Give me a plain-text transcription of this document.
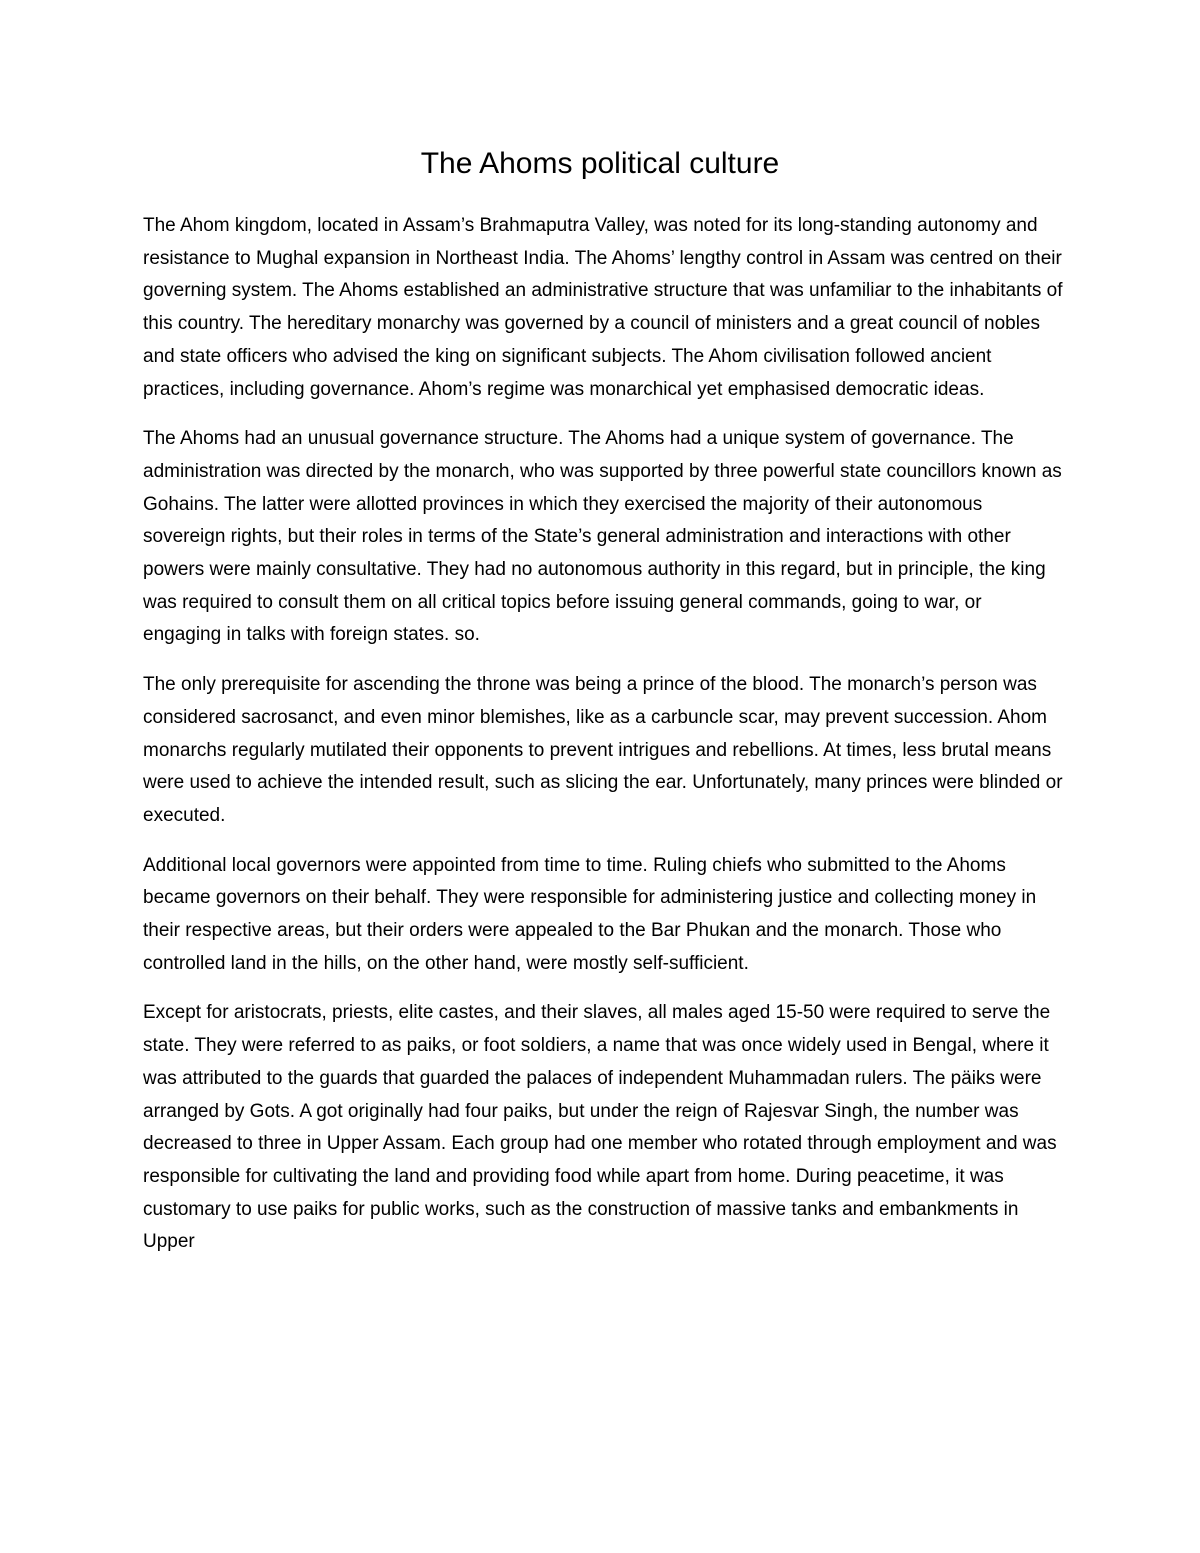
The Ahoms political culture

The Ahom kingdom, located in Assam’s Brahmaputra Valley, was noted for its long-standing autonomy and resistance to Mughal expansion in Northeast India. The Ahoms’ lengthy control in Assam was centred on their governing system. The Ahoms established an administrative structure that was unfamiliar to the inhabitants of this country. The hereditary monarchy was governed by a council of ministers and a great council of nobles and state officers who advised the king on significant subjects. The Ahom civilisation followed ancient practices, including governance. Ahom’s regime was monarchical yet emphasised democratic ideas.

The Ahoms had an unusual governance structure. The Ahoms had a unique system of governance. The administration was directed by the monarch, who was supported by three powerful state councillors known as Gohains. The latter were allotted provinces in which they exercised the majority of their autonomous sovereign rights, but their roles in terms of the State’s general administration and interactions with other powers were mainly consultative. They had no autonomous authority in this regard, but in principle, the king was required to consult them on all critical topics before issuing general commands, going to war, or engaging in talks with foreign states. so.

The only prerequisite for ascending the throne was being a prince of the blood. The monarch’s person was considered sacrosanct, and even minor blemishes, like as a carbuncle scar, may prevent succession. Ahom monarchs regularly mutilated their opponents to prevent intrigues and rebellions. At times, less brutal means were used to achieve the intended result, such as slicing the ear. Unfortunately, many princes were blinded or executed.

Additional local governors were appointed from time to time. Ruling chiefs who submitted to the Ahoms became governors on their behalf. They were responsible for administering justice and collecting money in their respective areas, but their orders were appealed to the Bar Phukan and the monarch. Those who controlled land in the hills, on the other hand, were mostly self-sufficient.

Except for aristocrats, priests, elite castes, and their slaves, all males aged 15-50 were required to serve the state. They were referred to as paiks, or foot soldiers, a name that was once widely used in Bengal, where it was attributed to the guards that guarded the palaces of independent Muhammadan rulers. The päiks were arranged by Gots. A got originally had four paiks, but under the reign of Rajesvar Singh, the number was decreased to three in Upper Assam. Each group had one member who rotated through employment and was responsible for cultivating the land and providing food while apart from home. During peacetime, it was customary to use paiks for public works, such as the construction of massive tanks and embankments in Upper
